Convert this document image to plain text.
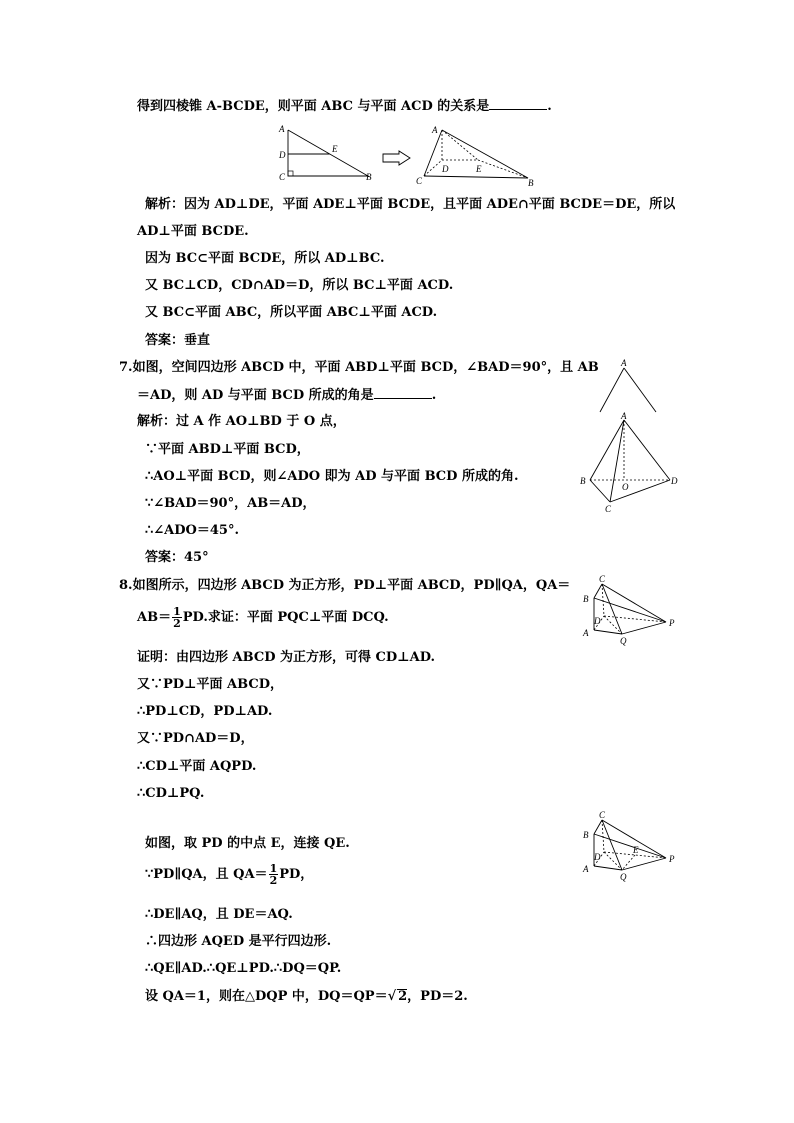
得到四棱锥 A-BCDE，则平面 ABC 与平面 ACD 的关系是	.
A
D
E
C	B
A
D	E
C	B
解析：因为 AD⊥DE，平面 ADE⊥平面 BCDE，且平面 ADE∩平面 BCDE＝DE，所以
AD⊥平面 BCDE.
因为 BC⊂平面 BCDE，所以 AD⊥BC.
又 BC⊥CD，CD∩AD＝D，所以 BC⊥平面 ACD.
又 BC⊂平面 ABC，所以平面 ABC⊥平面 ACD.
答案：垂直
7.如图，空间四边形 ABCD 中，平面 ABD⊥平面 BCD，∠BAD＝90°，且 AB
＝AD，则 AD 与平面 BCD 所成的角是	.
解析：过 A 作 AO⊥BD 于 O 点，
∵平面 ABD⊥平面 BCD，
∴AO⊥平面 BCD，则∠ADO 即为 AD 与平面 BCD 所成的角.
∵∠BAD＝90°，AB＝AD，
∴∠ADO＝45°.
答案：45°
A
A
B
O
D
C
8.如图所示，四边形 ABCD 为正方形，PD⊥平面 ABCD，PD∥QA，QA＝
$AB= \frac{1}{2}$ PD.求证：平面 PQC⊥平面 DCQ.
证明：由四边形 ABCD 为正方形，可得 CD⊥AD.
又∵PD⊥平面 ABCD，
∴PD⊥CD，PD⊥AD.
又∵PD∩AD＝D，
∴CD⊥平面 AQPD.
∴CD⊥PQ.
如图，取 PD 的中点 E，连接 QE.
∵PD∥QA，且 $QA= \frac{1}{2}$ PD，
∴DE∥AQ，且 DE＝AQ.
∴四边形 AQED 是平行四边形.
∴QE∥AD.∴QE⊥PD.∴DQ＝QP.
设 QA＝1，则在△DQP 中，DQ＝QP＝√ 2，PD＝2.
C
B
D
A
Q
P
C
B
D
E
A
Q
P
